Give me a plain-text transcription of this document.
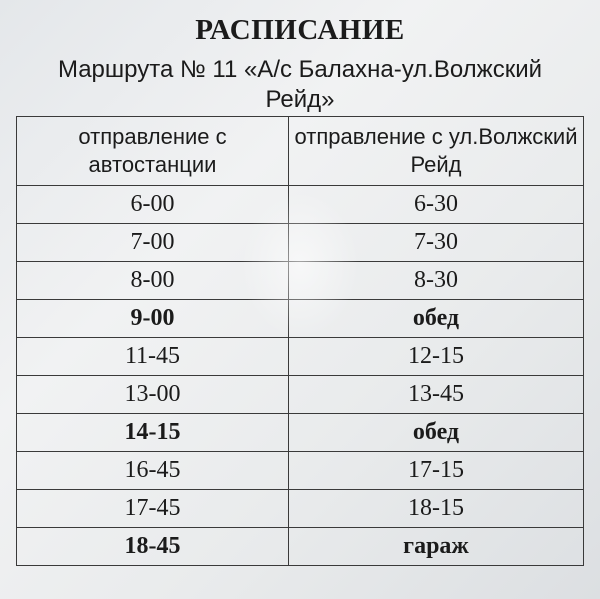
РАСПИСАНИЕ
Маршрута № 11 «А/с Балахна-ул.Волжский Рейд»
отправление с автостанции	отправление с ул.Волжский Рейд
6-00	6-30
7-00	7-30
8-00	8-30
9-00	обед
11-45	12-15
13-00	13-45
14-15	обед
16-45	17-15
17-45	18-15
18-45	гараж
